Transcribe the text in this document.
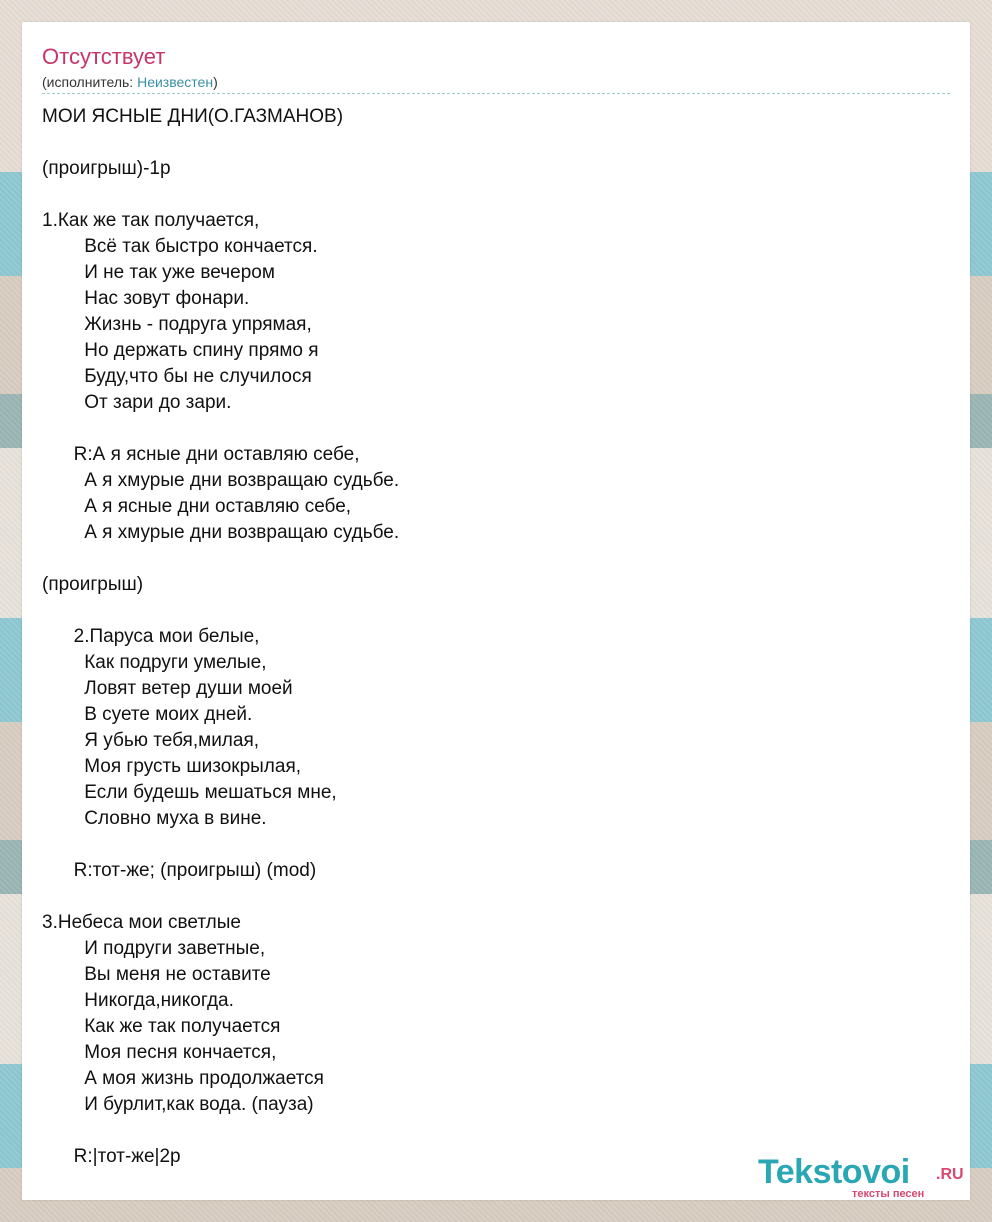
Отсутствует
(исполнитель: Неизвестен)
МОИ ЯСНЫЕ ДНИ(О.ГАЗМАНОВ)

(проигрыш)-1р

1.Как же так получается,
Всё так быстро кончается.
И не так уже вечером
Нас зовут фонари.
Жизнь - подруга упрямая,
Но держать спину прямо я
Буду,что бы не случилося
От зари до зари.

R:А я ясные дни оставляю себе,
А я хмурые дни возвращаю судьбе.
А я ясные дни оставляю себе,
А я хмурые дни возвращаю судьбе.

(проигрыш)

2.Паруса мои белые,
Как подруги умелые,
Ловят ветер души моей
В суете моих дней.
Я убью тебя,милая,
Моя грусть шизокрылая,
Если будешь мешаться мне,
Словно муха в вине.

R:тот-же; (проигрыш) (mod)

3.Небеса мои светлые
И подруги заветные,
Вы меня не оставите
Никогда,никогда.
Как же так получается
Моя песня кончается,
А моя жизнь продолжается
И бурлит,как вода. (пауза)

R:|тот-же|2р	Tekstovoi .RU
тексты песен
